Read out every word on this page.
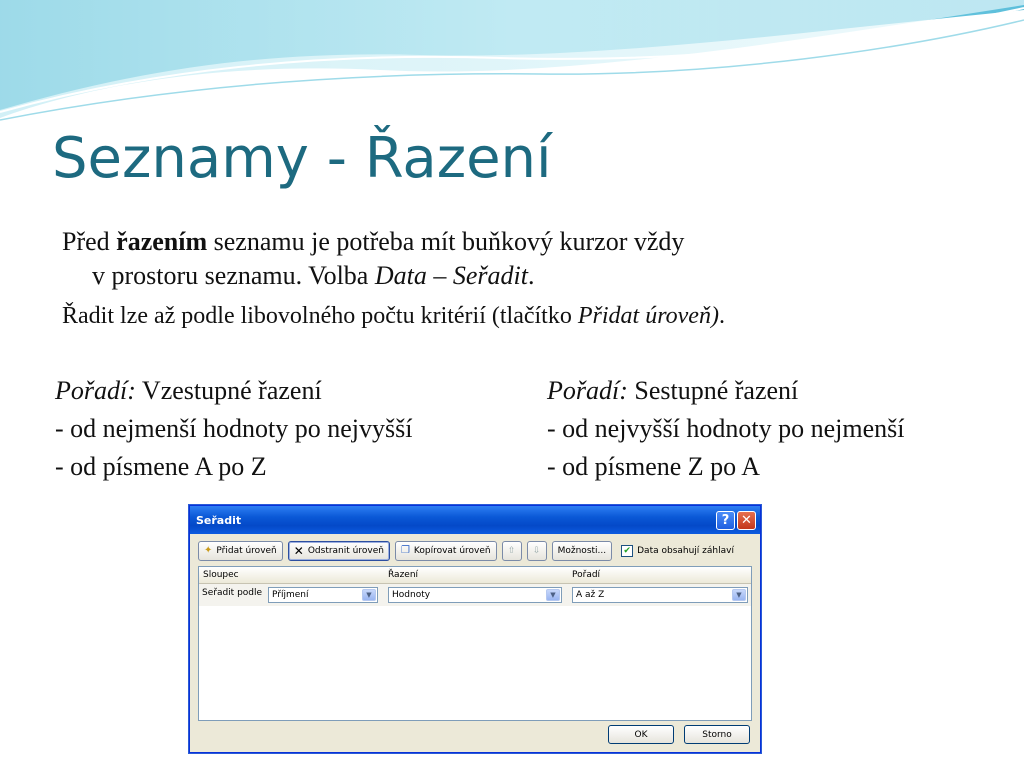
Seznamy - Řazení

Před řazením seznamu je potřeba mít buňkový kurzor vždy
v prostoru seznamu. Volba Data – Seřadit.

Řadit lze až podle libovolného počtu kritérií (tlačítko Přidat úroveň).

Pořadí: Vzestupné řazení
- od nejmenší hodnoty po nejvyšší
- od písmene A po Z
Pořadí: Sestupné řazení
- od nejvyšší hodnoty po nejmenší
- od písmene Z po A
Seřadit	? ✕
✦ Přidat úroveň ✕ Odstranit úroveň ❐ Kopírovat úroveň ⇧ ⇩ Možnosti... ✔ Data obsahují záhlaví
Sloupec	Řazení	Pořadí
Seřadit podle	Příjmení	▼	Hodnoty	▼	A až Z	▼
OK	Storno
